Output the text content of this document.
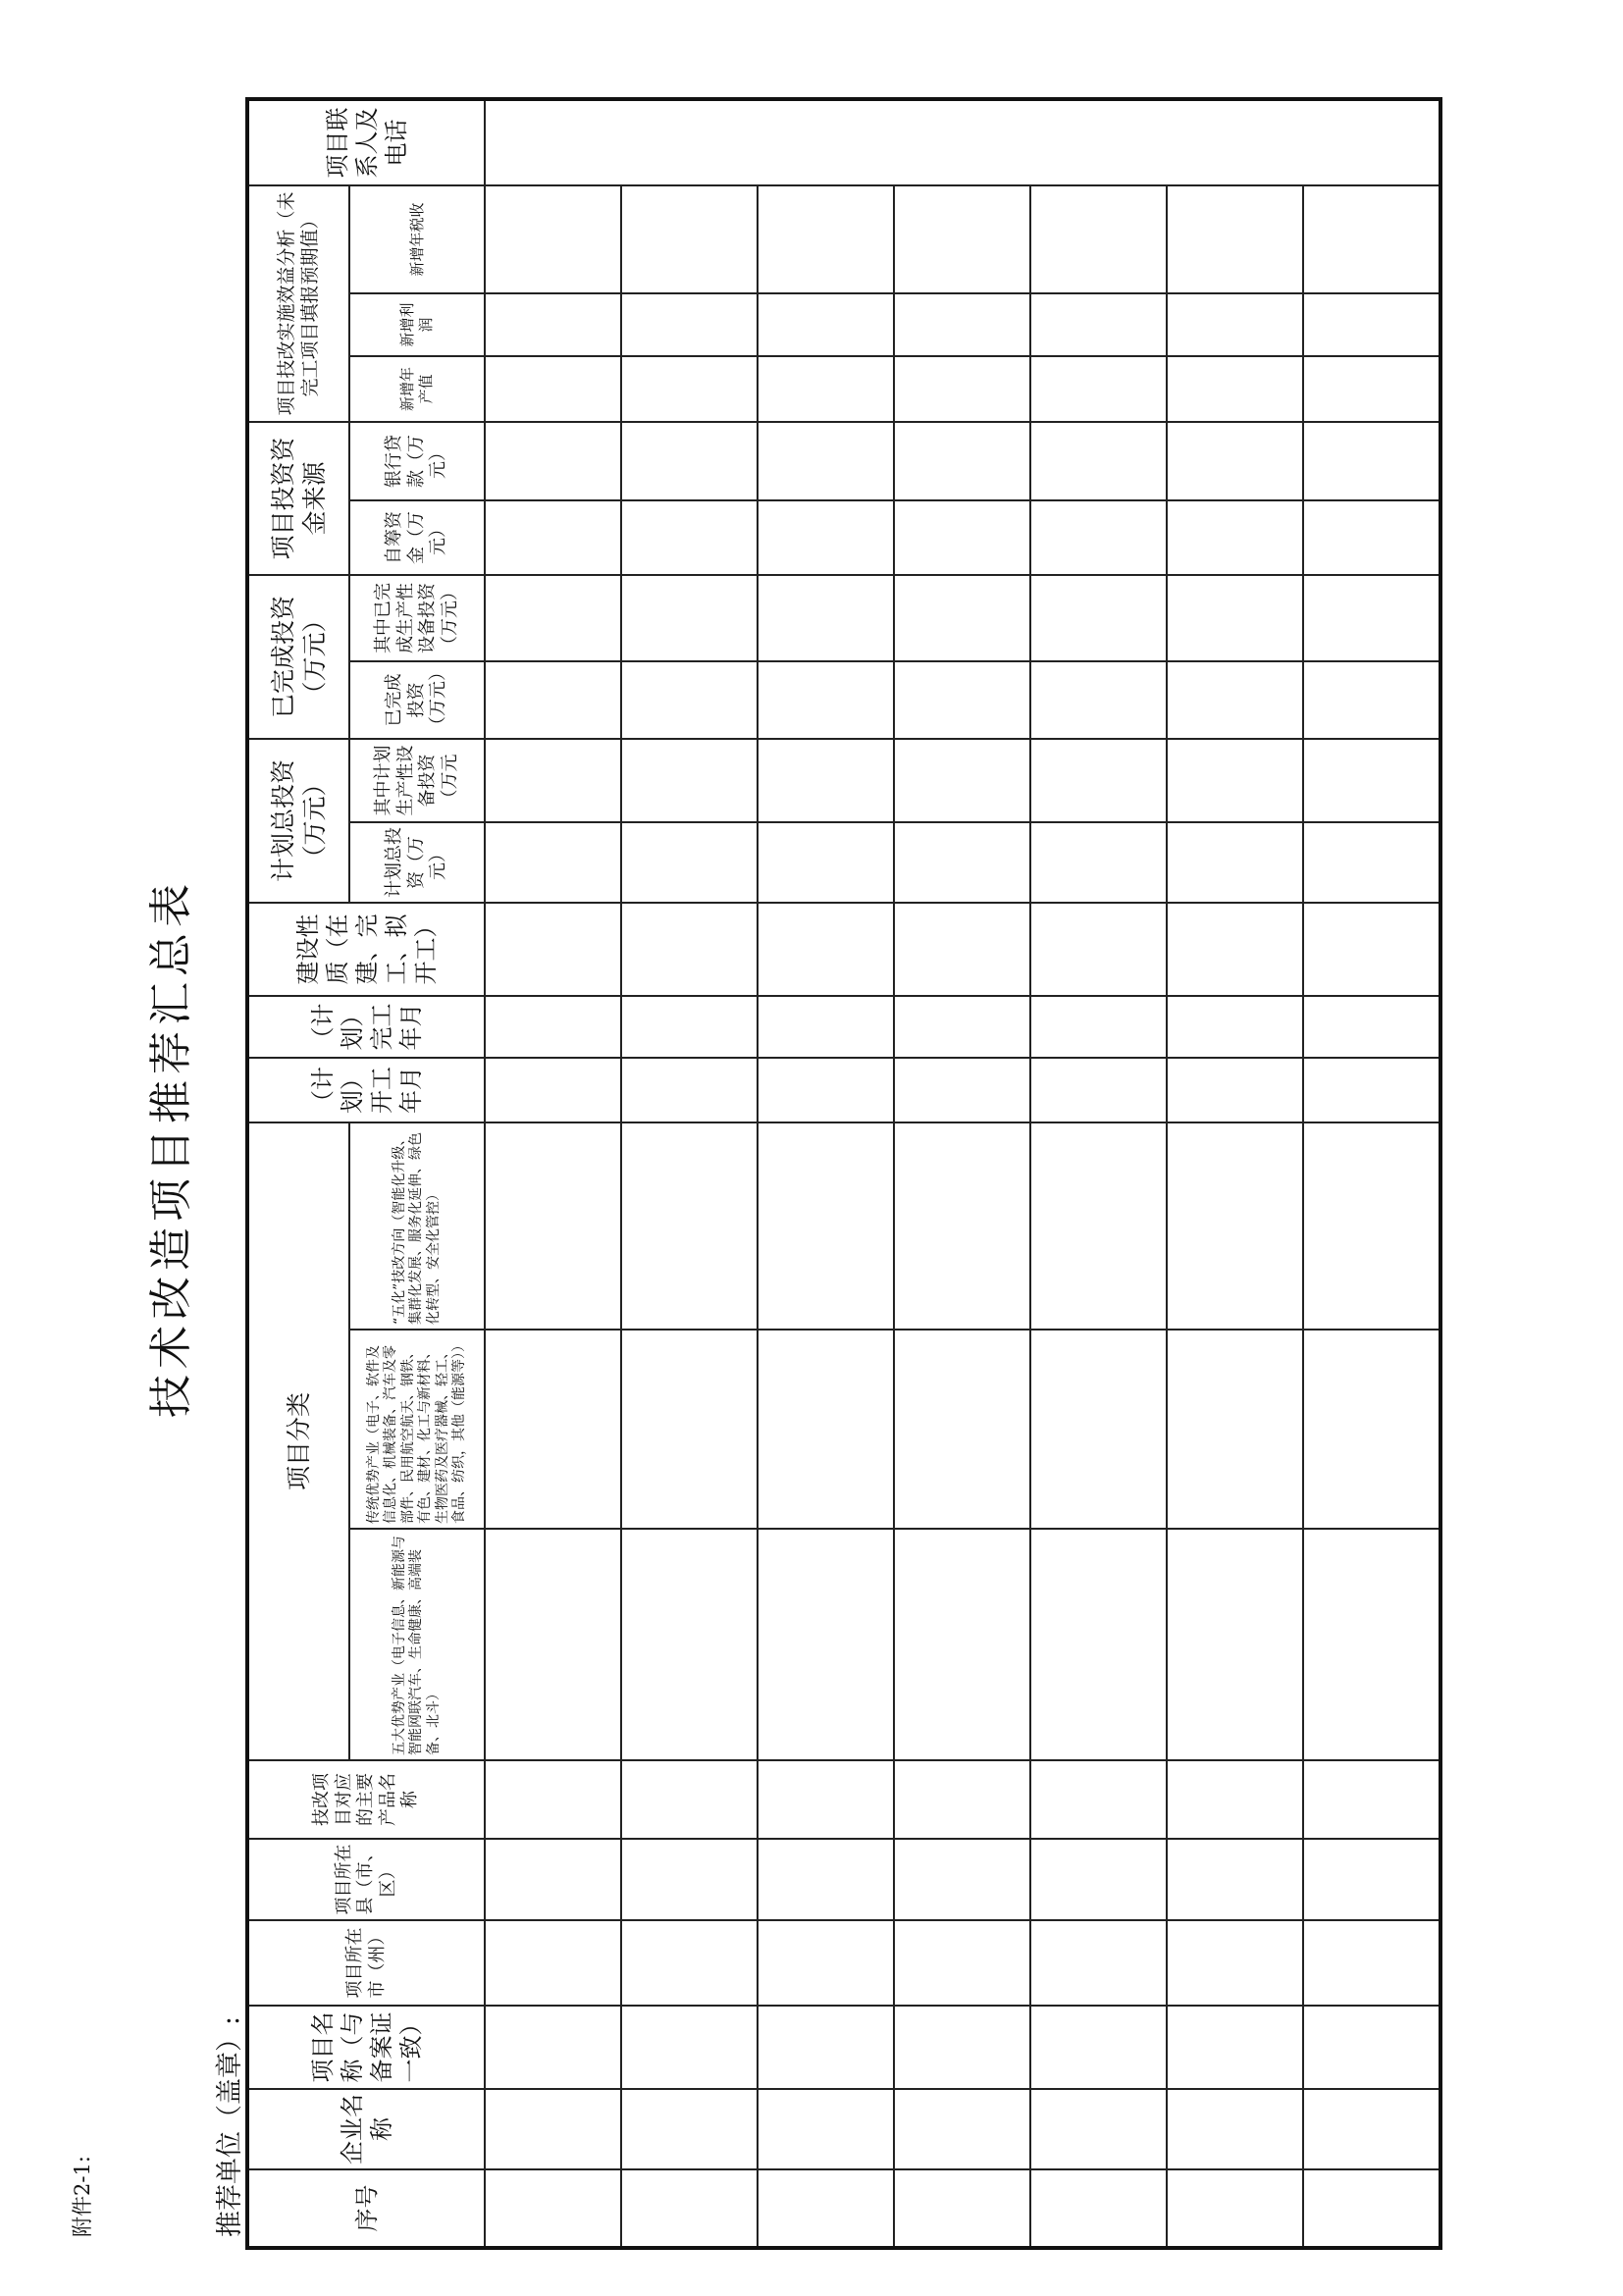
附件2-1:
技术改造项目推荐汇总表
推荐单位（盖章）:	序号	企业名称	项目名称（与备案证一致）	项目所在市（州）	项目所在县（市、区）	技改项目对应的主要产品名称	项目分类			（计划）开工年月	（计划）完工年月	建设性质（在建、完工、拟开工）	计划总投资（万元）		已完成投资（万元）		项目投资资金来源		项目技改实施效益分析（未完工项目填报预期值）			项目联系人及电话
						五大优势产业（电子信息、新能源与智能网联汽车、生命健康、高端装备、北斗）	传统优势产业（电子、软件及信息化、机械装备、汽车及零部件、民用航空航天、钢铁、有色、建材、化工与新材料、生物医药及医疗器械、轻工、食品、纺织，其他（能源等））	“五化”技改方向（智能化升级、集群化发展、服务化延伸、绿色化转型、安全化管控）				计划总投资（万元）	其中计划生产性设备投资（万元	已完成投资（万元）	其中已完成生产性设备投资（万元）	自筹资金（万元）	银行贷款（万元）	新增年产值	新增利润	新增年税收	
